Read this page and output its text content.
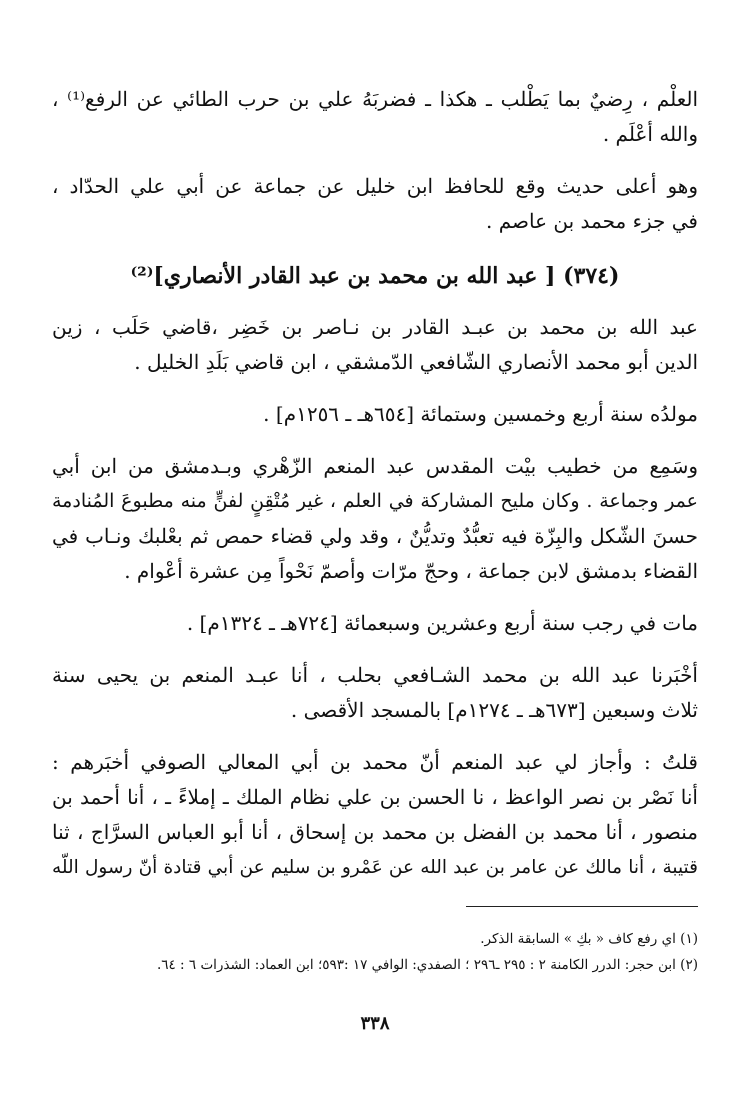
العلْم ، رِضيٌ بما يَطْلب ـ هكذا ـ فضربَهُ علي بن حرب الطائي عن الرفع⁽¹⁾ ،
والله أعْلَم .
وهو أعلى حديث وقع للحافظ ابن خليل عن جماعة عن أبي علي الحدّاد ،
في جزء محمد بن عاصم .
(٣٧٤) [ عبد الله بن محمد بن عبد القادر الأنصاري]⁽²⁾
عبد الله بن محمد بن عبـد القادر بن نـاصر بن خَضِر ،قاضي حَلَب ، زين
الدين أبو محمد الأنصاري الشّافعي الدّمشقي ، ابن قاضي بَلَدِ الخليل .
مولدُه سنة أربع وخمسين وستمائة [٦٥٤هـ ـ ١٢٥٦م] .
وسَمِع من خطيب بيْت المقدس عبد المنعم الزّهْري وبـدمشق من ابن أبي
عمر وجماعة . وكان مليح المشاركة في العلم ، غير مُتْقِنٍ لفنٍّ منه مطبوعَ المُنادمة
حسنَ الشّكل والبِزّة فيه تعبُّدٌ وتديُّنٌ ، وقد ولي قضاء حمص ثم بعْلبك ونـاب في
القضاء بدمشق لابن جماعة ، وحجّ مرّات وأصمّ نَحْواً مِن عشرة أعْوام .
مات في رجب سنة أربع وعشرين وسبعمائة [٧٢٤هـ ـ ١٣٢٤م] .
أخْبَرنا عبد الله بن محمد الشـافعي بحلب ، أنا عبـد المنعم بن يحيى سنة
ثلاث وسبعين [٦٧٣هـ ـ ١٢٧٤م] بالمسجد الأقصى .
قلتُ : وأجاز لي عبد المنعم أنّ محمد بن أبي المعالي الصوفي أخبَرهم :
أنا نَصْر بن نصر الواعظ ، نا الحسن بن علي نظام الملك ـ إملاءً ـ ، أنا أحمد بن
منصور ، أنا محمد بن الفضل بن محمد بن إسحاق ، أنا أبو العباس السرَّاج ، ثنا
قتيبة ، أنا مالك عن عامر بن عبد الله عن عَمْرو بن سليم عن أبي قتادة أنّ رسول اللّه
(١) اي رفع كاف « بكِ » السابقة الذكر.
(٢) ابن حجر: الدرر الكامنة ٢ : ٢٩٥ ـ٢٩٦ ؛ الصفدي: الوافي ١٧ :٥٩٣؛ ابن العماد: الشذرات ٦ : ٦٤.
٣٣٨
